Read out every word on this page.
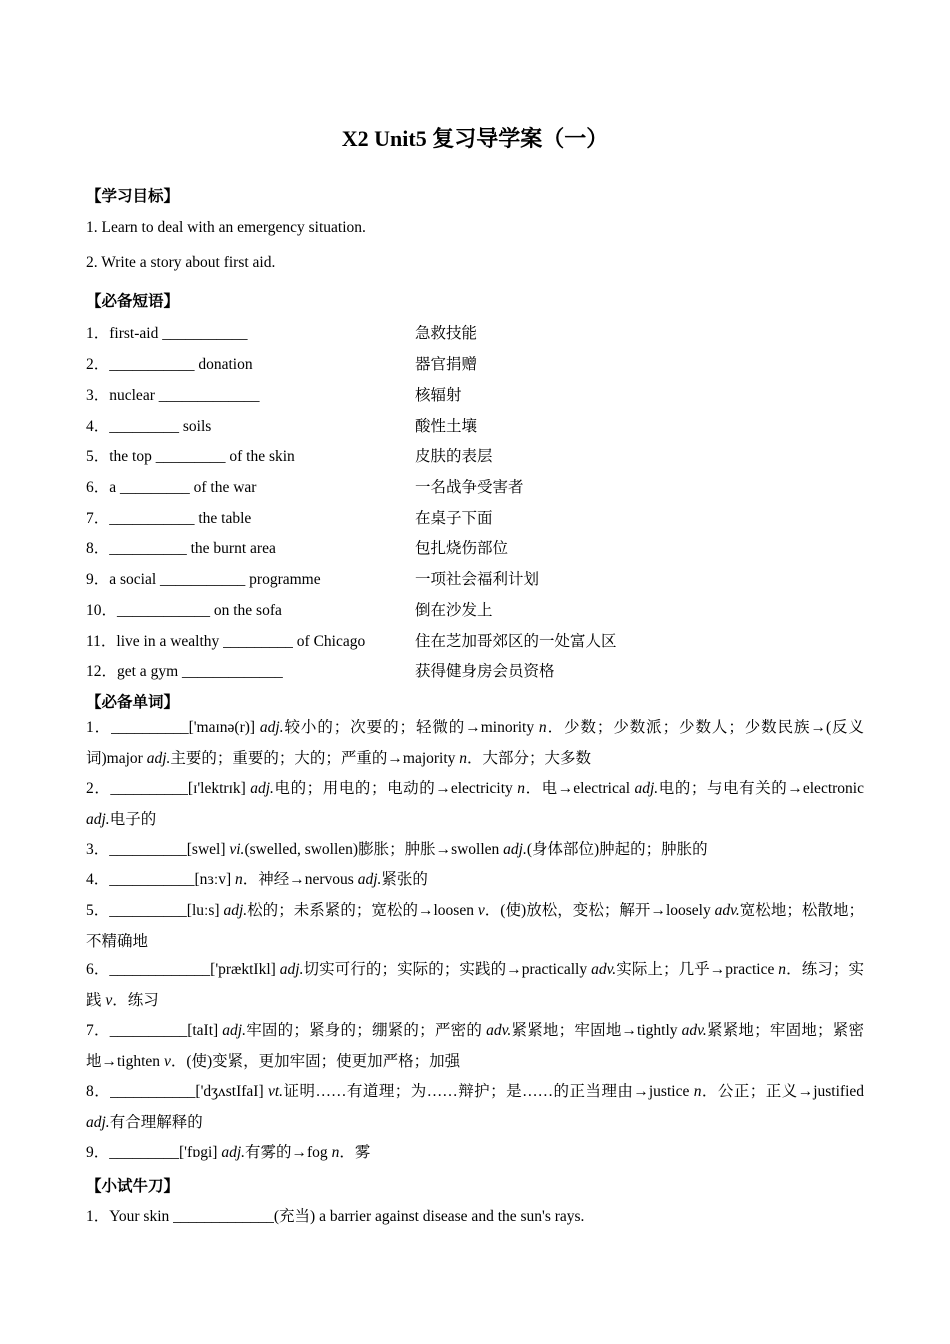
X2 Unit5 复习导学案（一）
【学习目标】
1. Learn to deal with an emergency situation.
2. Write a story about first aid.
【必备短语】
1．first-aid ___________	急救技能
2．___________ donation	器官捐赠
3．nuclear _____________	核辐射
4．_________ soils	酸性土壤
5．the top _________ of the skin	皮肤的表层
6．a _________ of the war	一名战争受害者
7．___________ the table	在桌子下面
8．__________ the burnt area	包扎烧伤部位
9．a social ___________ programme	一项社会福利计划
10．____________ on the sofa	倒在沙发上
11．live in a wealthy _________ of Chicago	住在芝加哥郊区的一处富人区
12．get a gym _____________	获得健身房会员资格
【必备单词】
1．__________['maɪnə(r)] adj.较小的；次要的；轻微的→minority n．少数；少数派；少数人；少数民族→(反义词)major adj.主要的；重要的；大的；严重的→majority n．大部分；大多数
2．__________[ɪ'lektrɪk] adj.电的；用电的；电动的→electricity n．电→electrical adj.电的；与电有关的→electronic adj.电子的
3．__________[swel] vi.(swelled, swollen)膨胀；肿胀→swollen adj.(身体部位)肿起的；肿胀的
4．___________[nɜːv] n．神经→nervous adj.紧张的
5．__________[luːs] adj.松的；未系紧的；宽松的→loosen v．(使)放松，变松；解开→loosely adv.宽松地；松散地；不精确地
6．_____________['præktIkl] adj.切实可行的；实际的；实践的→practically adv.实际上；几乎→practice n．练习；实践 v．练习
7．__________[taIt] adj.牢固的；紧身的；绷紧的；严密的 adv.紧紧地；牢固地→tightly adv.紧紧地；牢固地；紧密地→tighten v．(使)变紧，更加牢固；使更加严格；加强
8．___________['dʒʌstIfaI] vt.证明……有道理；为……辩护；是……的正当理由→justice n．公正；正义→justified adj.有合理解释的
9．_________['fɒgi] adj.有雾的→fog n．雾
【小试牛刀】
1．Your skin _____________(充当) a barrier against disease and the sun's rays.
